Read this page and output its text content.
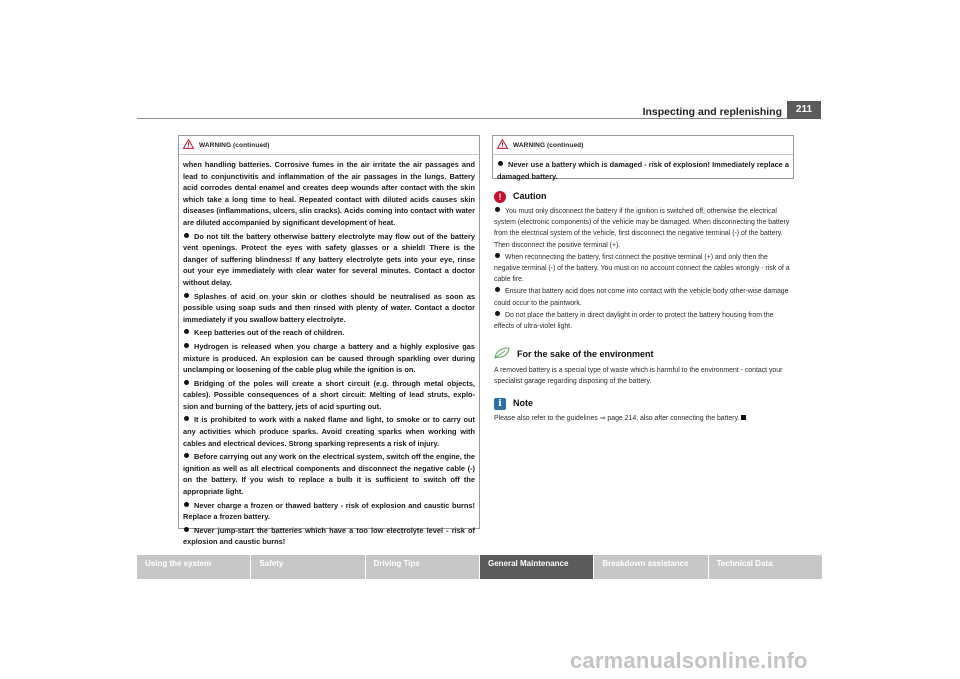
Inspecting and replenishing	211
WARNING (continued)

when handling batteries. Corrosive fumes in the air irritate the air passages and lead to conjunctivitis and inflammation of the air passages in the lungs. Battery acid corrodes dental enamel and creates deep wounds after contact with the skin which take a long time to heal. Repeated contact with diluted acids causes skin diseases (inflammations, ulcers, slin cracks). Acids coming into contact with water are diluted accompanied by significant development of heat.

Do not tilt the battery otherwise battery electrolyte may flow out of the battery vent openings. Protect the eyes with safety glasses or a shield! There is the danger of suffering blindness! If any battery electrolyte gets into your eye, rinse out your eye immediately with clear water for several minutes. Contact a doctor without delay.

Splashes of acid on your skin or clothes should be neutralised as soon as possible using soap suds and then rinsed with plenty of water. Contact a doctor immediately if you swallow battery electrolyte.

Keep batteries out of the reach of children.

Hydrogen is released when you charge a battery and a highly explosive gas mixture is produced. An explosion can be caused through sparkling over during unclamping or loosening of the cable plug while the ignition is on.

Bridging of the poles will create a short circuit (e.g. through metal objects, cables). Possible consequences of a short circuit: Melting of lead struts, explo-sion and burning of the battery, jets of acid spurting out.

It is prohibited to work with a naked flame and light, to smoke or to carry out any activities which produce sparks. Avoid creating sparks when working with cables and electrical devices. Strong sparking represents a risk of injury.

Before carrying out any work on the electrical system, switch off the engine, the ignition as well as all electrical components and disconnect the negative cable (-) on the battery. If you wish to replace a bulb it is sufficient to switch off the appropriate light.

Never charge a frozen or thawed battery - risk of explosion and caustic burns! Replace a frozen battery.

Never jump-start the batteries which have a too low electrolyte level - risk of explosion and caustic burns!

WARNING (continued)

Never use a battery which is damaged - risk of explosion! Immediately replace a damaged battery.

!	Caution

You must only disconnect the battery if the ignition is switched off, otherwise the electrical system (electronic components) of the vehicle may be damaged. When disconnecting the battery from the electrical system of the vehicle, first disconnect the negative terminal (-) of the battery. Then disconnect the positive terminal (+).

When reconnecting the battery, first connect the positive terminal (+) and only then the negative terminal (-) of the battery. You must on no account connect the cables wrongly - risk of a cable fire.

Ensure that battery acid does not come into contact with the vehicle body other-wise damage could occur to the paintwork.

Do not place the battery in direct daylight in order to protect the battery housing from the effects of ultra-violet light.

For the sake of the environment

A removed battery is a special type of waste which is harmful to the environment - contact your specialist garage regarding disposing of the battery.

i	Note

Please also refer to the guidelines ⇒ page 214, also after connecting the battery.

Using the system	Safety	Driving Tips	General Maintenance	Breakdown assistance	Technical Data
carmanualsonline.info
